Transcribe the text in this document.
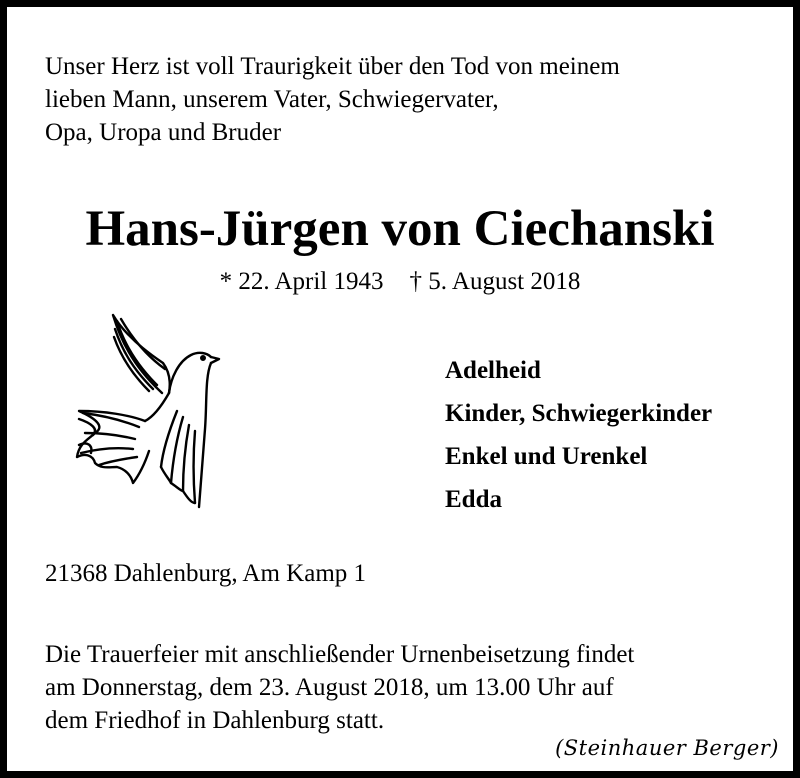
Unser Herz ist voll Traurigkeit über den Tod von meinem
lieben Mann, unserem Vater, Schwiegervater,
Opa, Uropa und Bruder
Hans-Jürgen von Ciechanski
* 22. April 1943 † 5. August 2018
Adelheid
Kinder, Schwiegerkinder
Enkel und Urenkel
Edda
21368 Dahlenburg, Am Kamp 1
Die Trauerfeier mit anschließender Urnenbeisetzung findet
am Donnerstag, dem 23. August 2018, um 13.00 Uhr auf
dem Friedhof in Dahlenburg statt.
(Steinhauer Berger)
